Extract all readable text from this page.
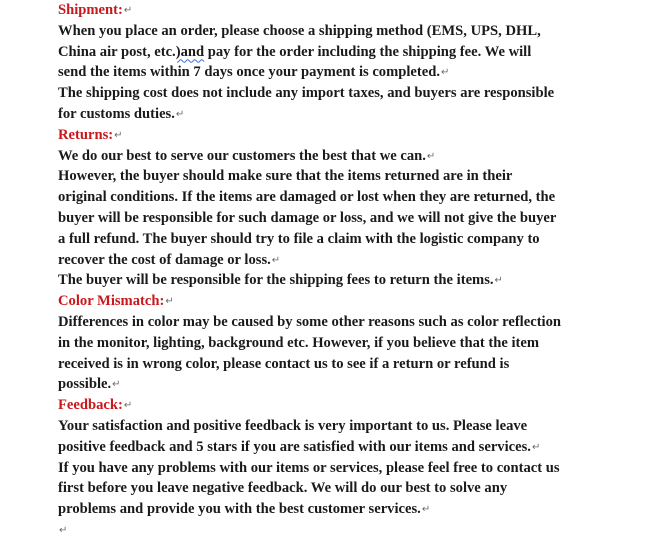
Shipment:↵
When you place an order, please choose a shipping method (EMS, UPS, DHL,
China air post, etc.)and pay for the order including the shipping fee. We will
send the items within 7 days once your payment is completed.↵
The shipping cost does not include any import taxes, and buyers are responsible
for customs duties.↵
Returns:↵
We do our best to serve our customers the best that we can.↵
However, the buyer should make sure that the items returned are in their
original conditions. If the items are damaged or lost when they are returned, the
buyer will be responsible for such damage or loss, and we will not give the buyer
a full refund. The buyer should try to file a claim with the logistic company to
recover the cost of damage or loss.↵
The buyer will be responsible for the shipping fees to return the items.↵
Color Mismatch:↵
Differences in color may be caused by some other reasons such as color reflection
in the monitor, lighting, background etc. However, if you believe that the item
received is in wrong color, please contact us to see if a return or refund is
possible.↵
Feedback:↵
Your satisfaction and positive feedback is very important to us. Please leave
positive feedback and 5 stars if you are satisfied with our items and services.↵
If you have any problems with our items or services, please feel free to contact us
first before you leave negative feedback. We will do our best to solve any
problems and provide you with the best customer services.↵
↵
